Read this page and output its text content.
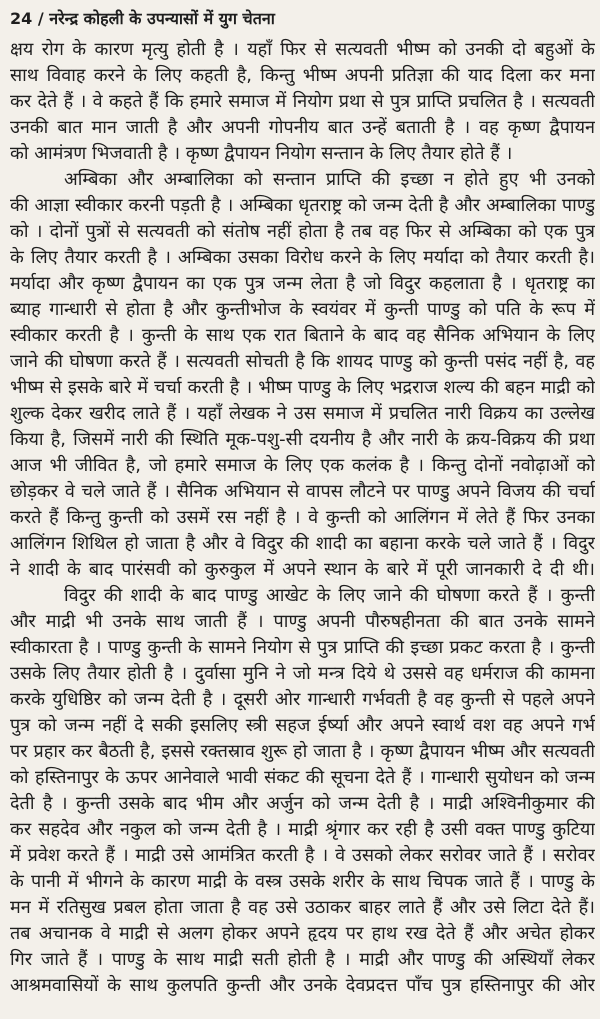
24 / नरेन्द्र कोहली के उपन्यासों में युग चेतना
क्षय रोग के कारण मृत्यु होती है । यहाँ फिर से सत्यवती भीष्म को उनकी दो बहुओं के
साथ विवाह करने के लिए कहती है, किन्तु भीष्म अपनी प्रतिज्ञा की याद दिला कर मना
कर देते हैं । वे कहते हैं कि हमारे समाज में नियोग प्रथा से पुत्र प्राप्ति प्रचलित है । सत्यवती
उनकी बात मान जाती है और अपनी गोपनीय बात उन्हें बताती है । वह कृष्ण द्वैपायन
को आमंत्रण भिजवाती है । कृष्ण द्वैपायन नियोग सन्तान के लिए तैयार होते हैं ।
अम्बिका और अम्बालिका को सन्तान प्राप्ति की इच्छा न होते हुए भी उनको
की आज्ञा स्वीकार करनी पड़ती है । अम्बिका धृतराष्ट्र को जन्म देती है और अम्बालिका पाण्डु
को । दोनों पुत्रों से सत्यवती को संतोष नहीं होता है तब वह फिर से अम्बिका को एक पुत्र
के लिए तैयार करती है । अम्बिका उसका विरोध करने के लिए मर्यादा को तैयार करती है।
मर्यादा और कृष्ण द्वैपायन का एक पुत्र जन्म लेता है जो विदुर कहलाता है । धृतराष्ट्र का
ब्याह गान्धारी से होता है और कुन्तीभोज के स्वयंवर में कुन्ती पाण्डु को पति के रूप में
स्वीकार करती है । कुन्ती के साथ एक रात बिताने के बाद वह सैनिक अभियान के लिए
जाने की घोषणा करते हैं । सत्यवती सोचती है कि शायद पाण्डु को कुन्ती पसंद नहीं है, वह
भीष्म से इसके बारे में चर्चा करती है । भीष्म पाण्डु के लिए भद्रराज शल्य की बहन माद्री को
शुल्क देकर खरीद लाते हैं । यहाँ लेखक ने उस समाज में प्रचलित नारी विक्रय का उल्लेख
किया है, जिसमें नारी की स्थिति मूक-पशु-सी दयनीय है और नारी के क्रय-विक्रय की प्रथा
आज भी जीवित है, जो हमारे समाज के लिए एक कलंक है । किन्तु दोनों नवोढ़ाओं को
छोड़कर वे चले जाते हैं । सैनिक अभियान से वापस लौटने पर पाण्डु अपने विजय की चर्चा
करते हैं किन्तु कुन्ती को उसमें रस नहीं है । वे कुन्ती को आलिंगन में लेते हैं फिर उनका
आलिंगन शिथिल हो जाता है और वे विदुर की शादी का बहाना करके चले जाते हैं । विदुर
ने शादी के बाद पारंसवी को कुरुकुल में अपने स्थान के बारे में पूरी जानकारी दे दी थी।
विदुर की शादी के बाद पाण्डु आखेट के लिए जाने की घोषणा करते हैं । कुन्ती
और माद्री भी उनके साथ जाती हैं । पाण्डु अपनी पौरुषहीनता की बात उनके सामने
स्वीकारता है । पाण्डु कुन्ती के सामने नियोग से पुत्र प्राप्ति की इच्छा प्रकट करता है । कुन्ती
उसके लिए तैयार होती है । दुर्वासा मुनि ने जो मन्त्र दिये थे उससे वह धर्मराज की कामना
करके युधिष्ठिर को जन्म देती है । दूसरी ओर गान्धारी गर्भवती है वह कुन्ती से पहले अपने
पुत्र को जन्म नहीं दे सकी इसलिए स्त्री सहज ईर्ष्या और अपने स्वार्थ वश वह अपने गर्भ
पर प्रहार कर बैठती है, इससे रक्तस्राव शुरू हो जाता है । कृष्ण द्वैपायन भीष्म और सत्यवती
को हस्तिनापुर के ऊपर आनेवाले भावी संकट की सूचना देते हैं । गान्धारी सुयोधन को जन्म
देती है । कुन्ती उसके बाद भीम और अर्जुन को जन्म देती है । माद्री अश्विनीकुमार की
कर सहदेव और नकुल को जन्म देती है । माद्री श्रृंगार कर रही है उसी वक्त पाण्डु कुटिया
में प्रवेश करते हैं । माद्री उसे आमंत्रित करती है । वे उसको लेकर सरोवर जाते हैं । सरोवर
के पानी में भीगने के कारण माद्री के वस्त्र उसके शरीर के साथ चिपक जाते हैं । पाण्डु के
मन में रतिसुख प्रबल होता जाता है वह उसे उठाकर बाहर लाते हैं और उसे लिटा देते हैं।
तब अचानक वे माद्री से अलग होकर अपने हृदय पर हाथ रख देते हैं और अचेत होकर
गिर जाते हैं । पाण्डु के साथ माद्री सती होती है । माद्री और पाण्डु की अस्थियाँ लेकर
आश्रमवासियों के साथ कुलपति कुन्ती और उनके देवप्रदत्त पाँच पुत्र हस्तिनापुर की ओर
